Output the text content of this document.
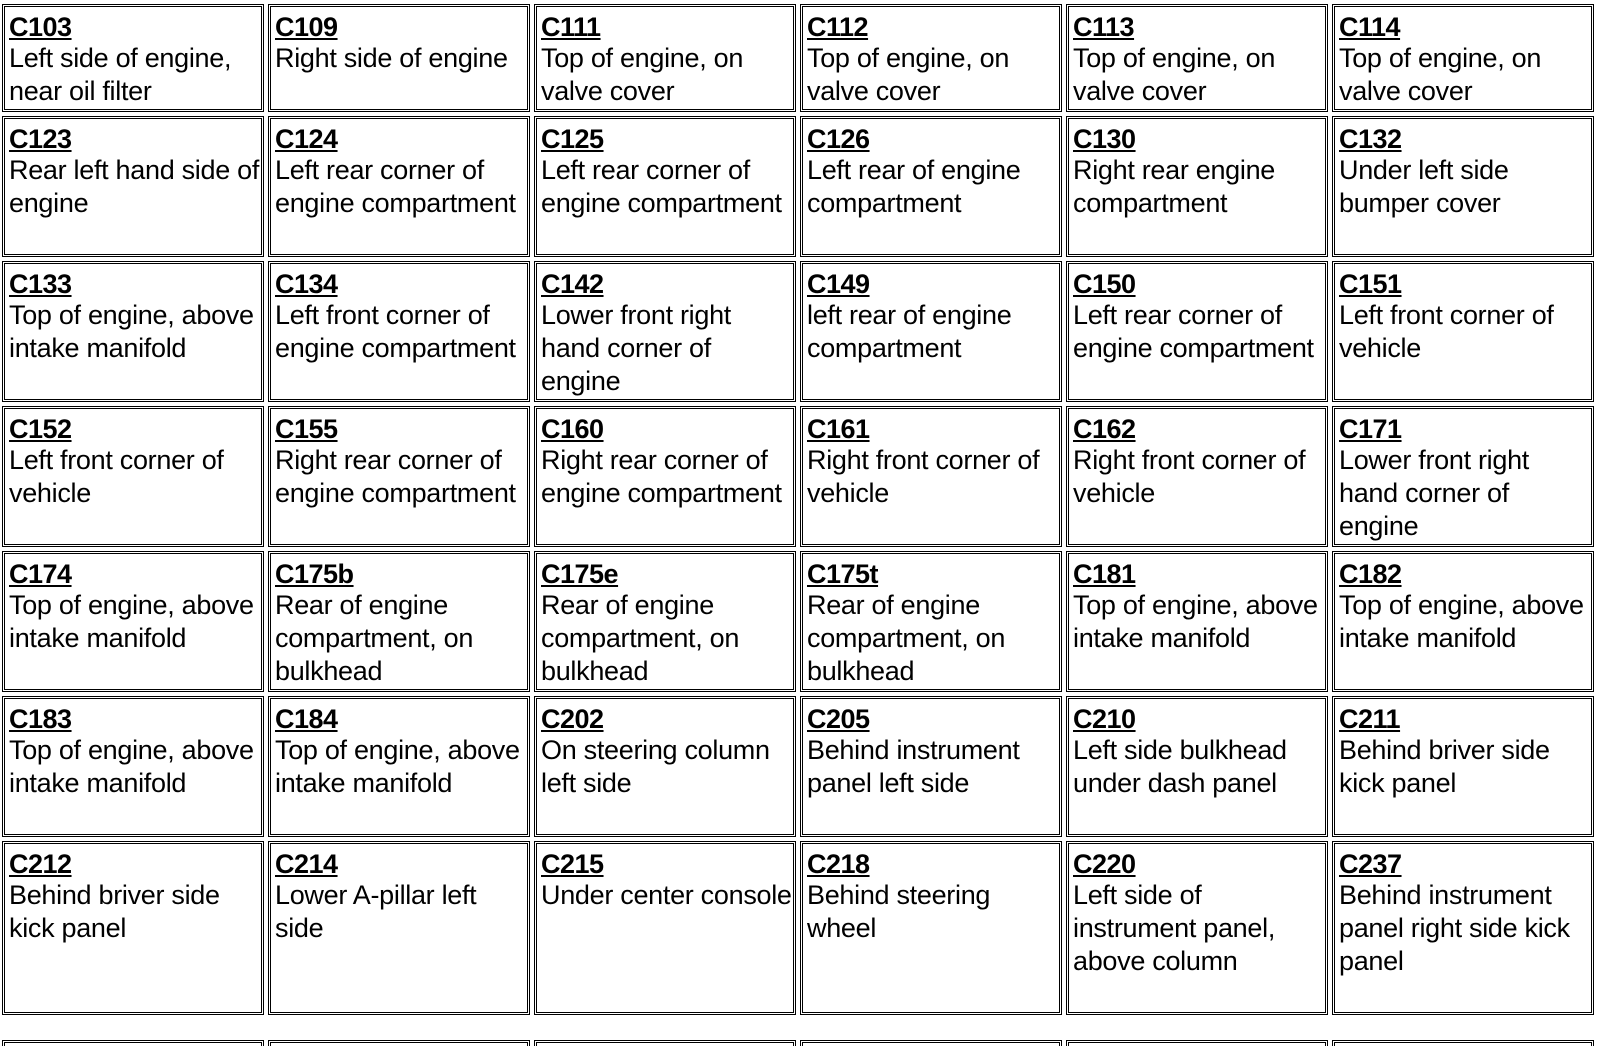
C103
Left side of engine, near oil filter
C109
Right side of engine
C111
Top of engine, on valve cover
C112
Top of engine, on valve cover
C113
Top of engine, on valve cover
C114
Top of engine, on valve cover
C123
Rear left hand side of engine
C124
Left rear corner of engine compartment
C125
Left rear corner of engine compartment
C126
Left rear of engine compartment
C130
Right rear engine compartment
C132
Under left side bumper cover
C133
Top of engine, above intake manifold
C134
Left front corner of engine compartment
C142
Lower front right hand corner of engine
C149
left rear of engine compartment
C150
Left rear corner of engine compartment
C151
Left front corner of vehicle
C152
Left front corner of vehicle
C155
Right rear corner of engine compartment
C160
Right rear corner of engine compartment
C161
Right front corner of vehicle
C162
Right front corner of vehicle
C171
Lower front right hand corner of engine
C174
Top of engine, above intake manifold
C175b
Rear of engine compartment, on bulkhead
C175e
Rear of engine compartment, on bulkhead
C175t
Rear of engine compartment, on bulkhead
C181
Top of engine, above intake manifold
C182
Top of engine, above intake manifold
C183
Top of engine, above intake manifold
C184
Top of engine, above intake manifold
C202
On steering column left side
C205
Behind instrument panel left side
C210
Left side bulkhead under dash panel
C211
Behind briver side kick panel
C212
Behind briver side kick panel
C214
Lower A-pillar left side
C215
Under center console
C218
Behind steering wheel
C220
Left side of instrument panel, above column
C237
Behind instrument panel right side kick panel
